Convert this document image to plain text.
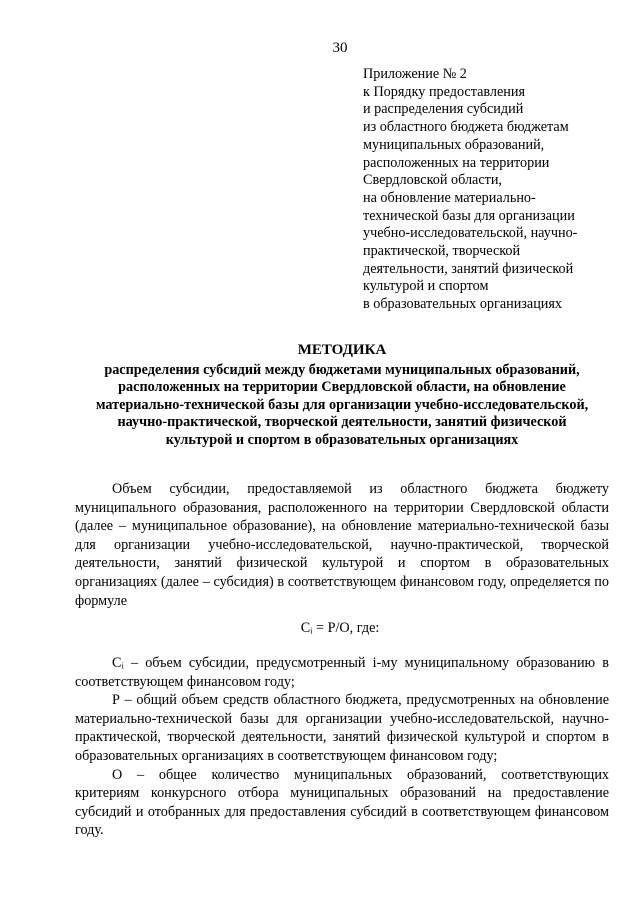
30
Приложение № 2
к Порядку предоставления
и распределения субсидий
из областного бюджета бюджетам
муниципальных образований,
расположенных на территории
Свердловской области,
на обновление материально-
технической базы для организации
учебно-исследовательской, научно-
практической, творческой
деятельности, занятий физической
культурой и спортом
в образовательных организациях
МЕТОДИКА
распределения субсидий между бюджетами муниципальных образований,
расположенных на территории Свердловской области, на обновление
материально-технической базы для организации учебно-исследовательской,
научно-практической, творческой деятельности, занятий физической
культурой и спортом в образовательных организациях

Объем субсидии, предоставляемой из областного бюджета бюджету муниципального образования, расположенного на территории Свердловской области (далее – муниципальное образование), на обновление материально-технической базы для организации учебно-исследовательской, научно-практической, творческой деятельности, занятий физической культурой и спортом в образовательных организациях (далее – субсидия) в соответствующем финансовом году, определяется по формуле

Сᵢ = Р/О, где:

Сᵢ – объем субсидии, предусмотренный i-му муниципальному образованию в соответствующем финансовом году;

Р – общий объем средств областного бюджета, предусмотренных на обновление материально-технической базы для организации учебно-исследовательской, научно-практической, творческой деятельности, занятий физической культурой и спортом в образовательных организациях в соответствующем финансовом году;

О – общее количество муниципальных образований, соответствующих критериям конкурсного отбора муниципальных образований на предоставление субсидий и отобранных для предоставления субсидий в соответствующем финансовом году.
